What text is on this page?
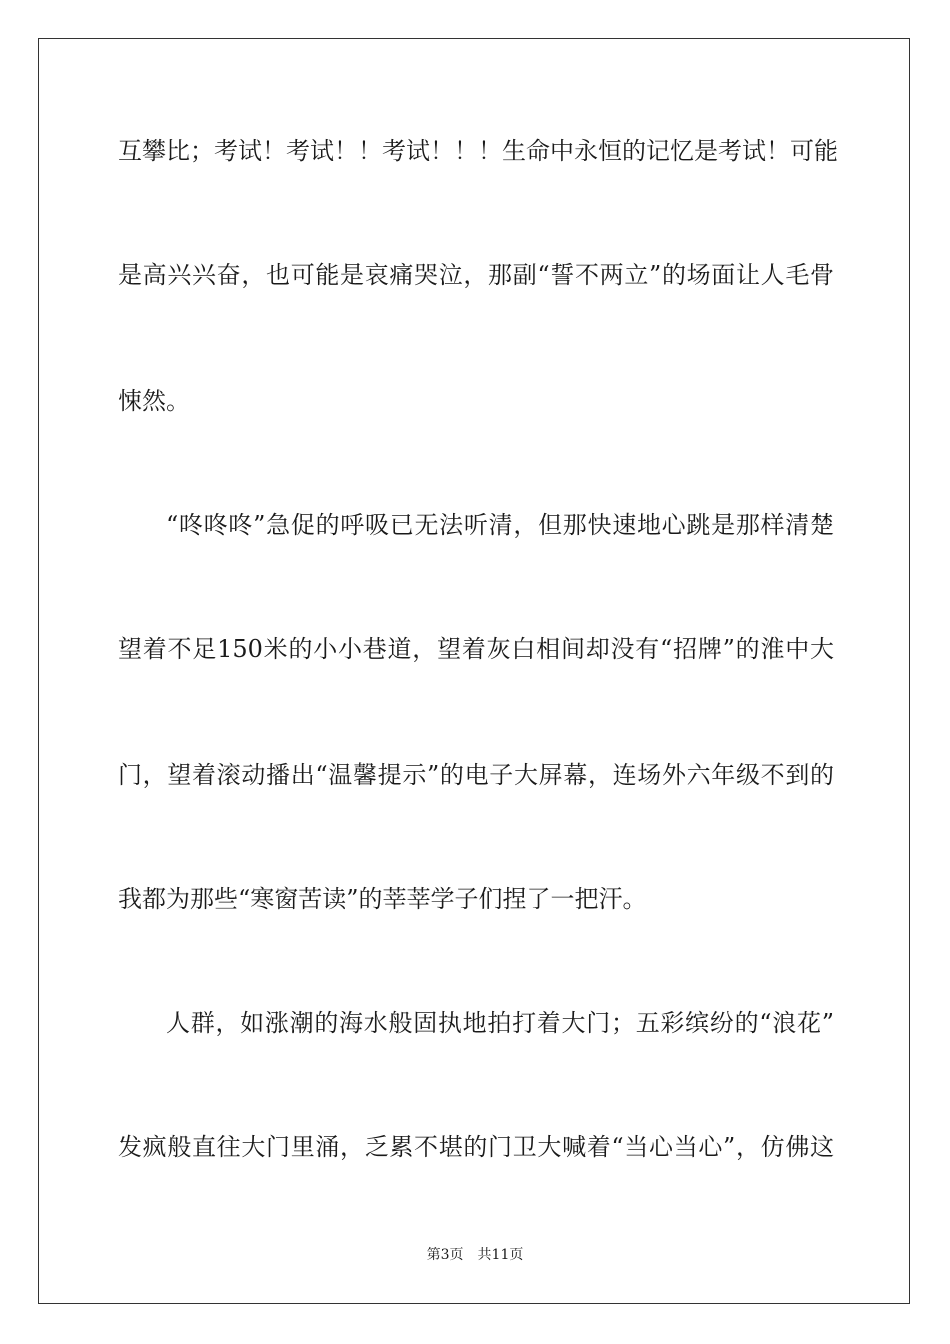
互攀比；考试！考试！！考试！！！生命中永恒的记忆是考试！可能
是高兴兴奋，也可能是哀痛哭泣，那副“誓不两立”的场面让人毛骨
悚然。
“咚咚咚”急促的呼吸已无法听清，但那快速地心跳是那样清楚
望着不足150米的小小巷道，望着灰白相间却没有“招牌”的淮中大
门，望着滚动播出“温馨提示”的电子大屏幕，连场外六年级不到的
我都为那些“寒窗苦读”的莘莘学子们捏了一把汗。
人群，如涨潮的海水般固执地拍打着大门；五彩缤纷的“浪花”
发疯般直往大门里涌，乏累不堪的门卫大喊着“当心当心”，仿佛这
第3页　共11页
